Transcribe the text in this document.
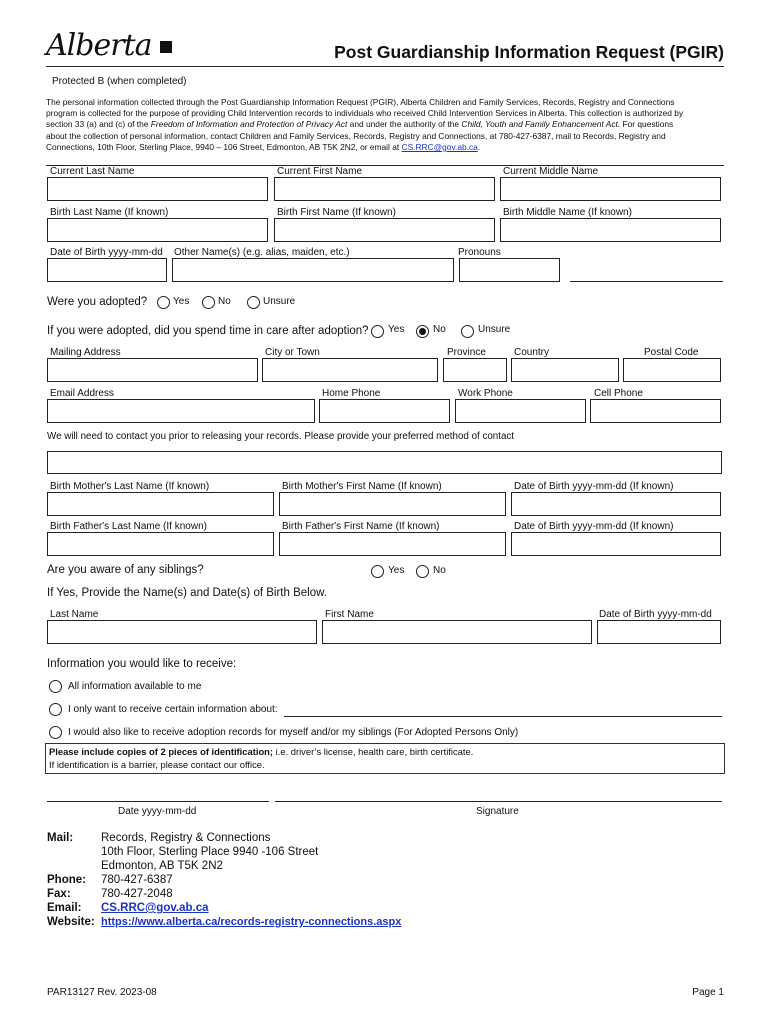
Alberta	Post Guardianship Information Request (PGIR)
Protected B (when completed)
The personal information collected through the Post Guardianship Information Request (PGIR), Alberta Children and Family Services, Records, Registry and Connections
program is collected for the purpose of providing Child Intervention records to individuals who received Child Intervention Services in Alberta. This collection is authorized by
section 33 (a) and (c) of the Freedom of Information and Protection of Privacy Act and under the authority of the Child, Youth and Family Enhancement Act. For questions
about the collection of personal information, contact Children and Family Services, Records, Registry and Connections, at 780-427-6387, mail to Records, Registry and
Connections, 10th Floor, Sterling Place, 9940 – 106 Street, Edmonton, AB T5K 2N2, or email at CS.RRC@gov.ab.ca.
Current Last Name	Current First Name	Current Middle Name
Birth Last Name (If known)	Birth First Name (If known)	Birth Middle Name (If known)
Date of Birth yyyy-mm-dd Other Name(s) (e.g. alias, maiden, etc.)	Pronouns
Were you adopted?	Yes	No	Unsure
If you were adopted, did you spend time in care after adoption? Yes	No	Unsure
Mailing Address	City or Town	Province	Country	Postal Code
Email Address	Home Phone	Work Phone	Cell Phone
We will need to contact you prior to releasing your records. Please provide your preferred method of contact
Birth Mother's Last Name (If known)	Birth Mother's First Name (If known)	Date of Birth yyyy-mm-dd (If known)
Birth Father's Last Name (If known)	Birth Father's First Name (If known)	Date of Birth yyyy-mm-dd (If known)
Are you aware of any siblings?	Yes	No
If Yes, Provide the Name(s) and Date(s) of Birth Below.
Last Name	First Name	Date of Birth yyyy-mm-dd
Information you would like to receive:
All information available to me
I only want to receive certain information about:
I would also like to receive adoption records for myself and/or my siblings (For Adopted Persons Only)
Please include copies of 2 pieces of identification; i.e. driver’s license, health care, birth certificate.
If identification is a barrier, please contact our office.
Date yyyy-mm-dd	Signature
Mail: Records, Registry & Connections
10th Floor, Sterling Place 9940 -106 Street
Edmonton, AB T5K 2N2
Phone: 780-427-6387
Fax:	780-427-2048
Email: CS.RRC@gov.ab.ca
Website: https://www.alberta.ca/records-registry-connections.aspx
PAR13127 Rev. 2023-08	Page 1
